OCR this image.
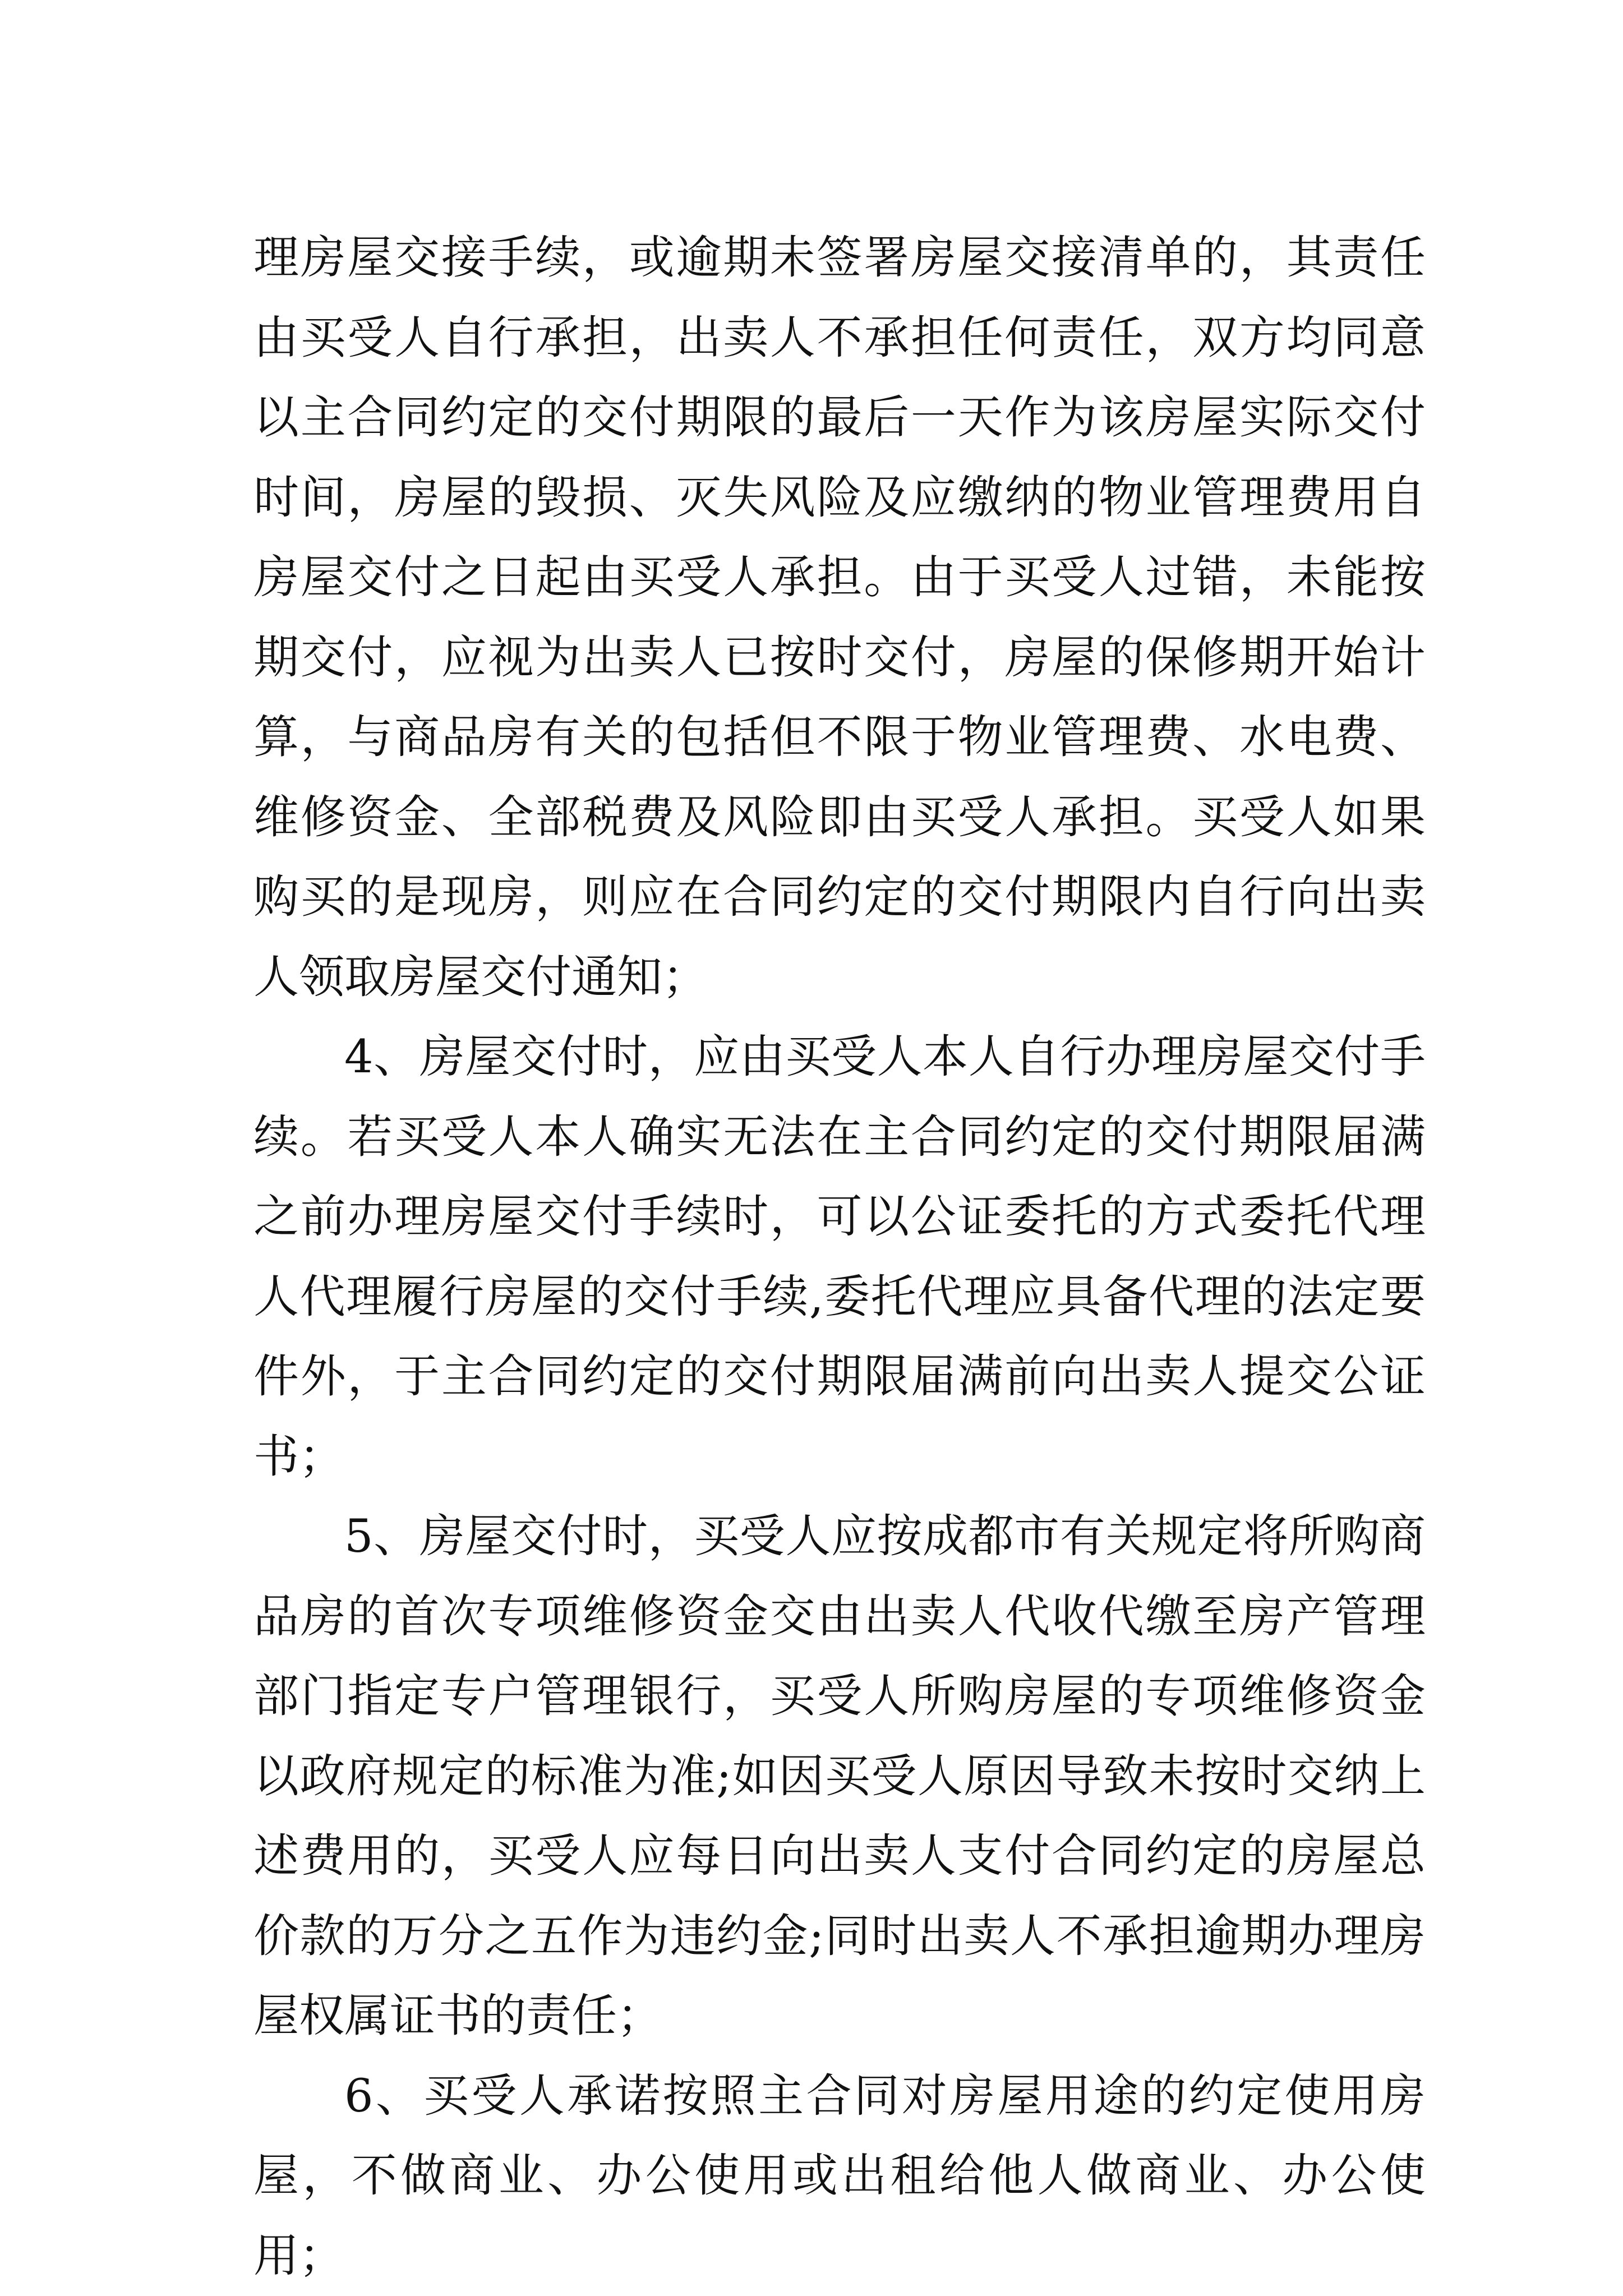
理房屋交接手续，或逾期未签署房屋交接清单的，其责任由买受人自行承担，出卖人不承担任何责任，双方均同意以主合同约定的交付期限的最后一天作为该房屋实际交付时间，房屋的毁损、灭失风险及应缴纳的物业管理费用自房屋交付之日起由买受人承担。由于买受人过错，未能按期交付，应视为出卖人已按时交付，房屋的保修期开始计算，与商品房有关的包括但不限于物业管理费、水电费、维修资金、全部税费及风险即由买受人承担。买受人如果购买的是现房，则应在合同约定的交付期限内自行向出卖人领取房屋交付通知；

4、房屋交付时，应由买受人本人自行办理房屋交付手续。若买受人本人确实无法在主合同约定的交付期限届满之前办理房屋交付手续时，可以公证委托的方式委托代理人代理履行房屋的交付手续,委托代理应具备代理的法定要件外，于主合同约定的交付期限届满前向出卖人提交公证书；

5、房屋交付时，买受人应按成都市有关规定将所购商品房的首次专项维修资金交由出卖人代收代缴至房产管理部门指定专户管理银行，买受人所购房屋的专项维修资金以政府规定的标准为准;如因买受人原因导致未按时交纳上述费用的，买受人应每日向出卖人支付合同约定的房屋总价款的万分之五作为违约金;同时出卖人不承担逾期办理房屋权属证书的责任；

6、买受人承诺按照主合同对房屋用途的约定使用房屋，不做商业、办公使用或出租给他人做商业、办公使用；
